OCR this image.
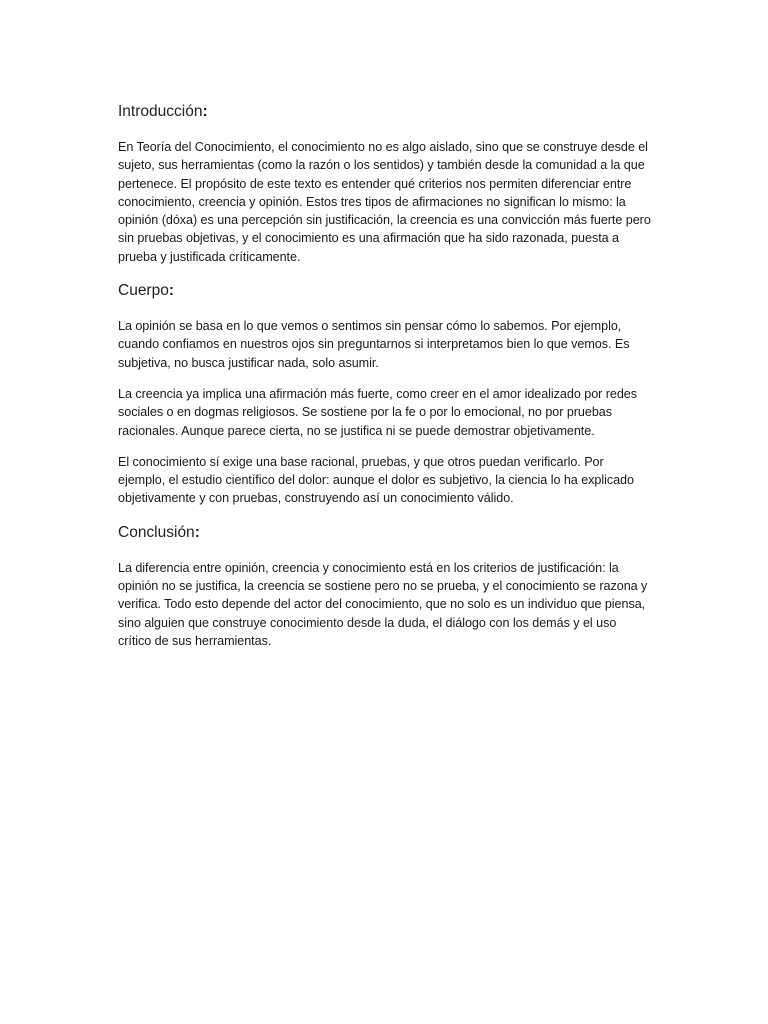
Introducción:

En Teoría del Conocimiento, el conocimiento no es algo aislado, sino que se construye desde el sujeto, sus herramientas (como la razón o los sentidos) y también desde la comunidad a la que pertenece. El propósito de este texto es entender qué criterios nos permiten diferenciar entre conocimiento, creencia y opinión. Estos tres tipos de afirmaciones no significan lo mismo: la opinión (dóxa) es una percepción sin justificación, la creencia es una convicción más fuerte pero sin pruebas objetivas, y el conocimiento es una afirmación que ha sido razonada, puesta a prueba y justificada críticamente.

Cuerpo:

La opinión se basa en lo que vemos o sentimos sin pensar cómo lo sabemos. Por ejemplo, cuando confiamos en nuestros ojos sin preguntarnos si interpretamos bien lo que vemos. Es subjetiva, no busca justificar nada, solo asumir.

La creencia ya implica una afirmación más fuerte, como creer en el amor idealizado por redes sociales o en dogmas religiosos. Se sostiene por la fe o por lo emocional, no por pruebas racionales. Aunque parece cierta, no se justifica ni se puede demostrar objetivamente.

El conocimiento sí exige una base racional, pruebas, y que otros puedan verificarlo. Por ejemplo, el estudio científico del dolor: aunque el dolor es subjetivo, la ciencia lo ha explicado objetivamente y con pruebas, construyendo así un conocimiento válido.

Conclusión:

La diferencia entre opinión, creencia y conocimiento está en los criterios de justificación: la opinión no se justifica, la creencia se sostiene pero no se prueba, y el conocimiento se razona y verifica. Todo esto depende del actor del conocimiento, que no solo es un individuo que piensa, sino alguien que construye conocimiento desde la duda, el diálogo con los demás y el uso crítico de sus herramientas.
